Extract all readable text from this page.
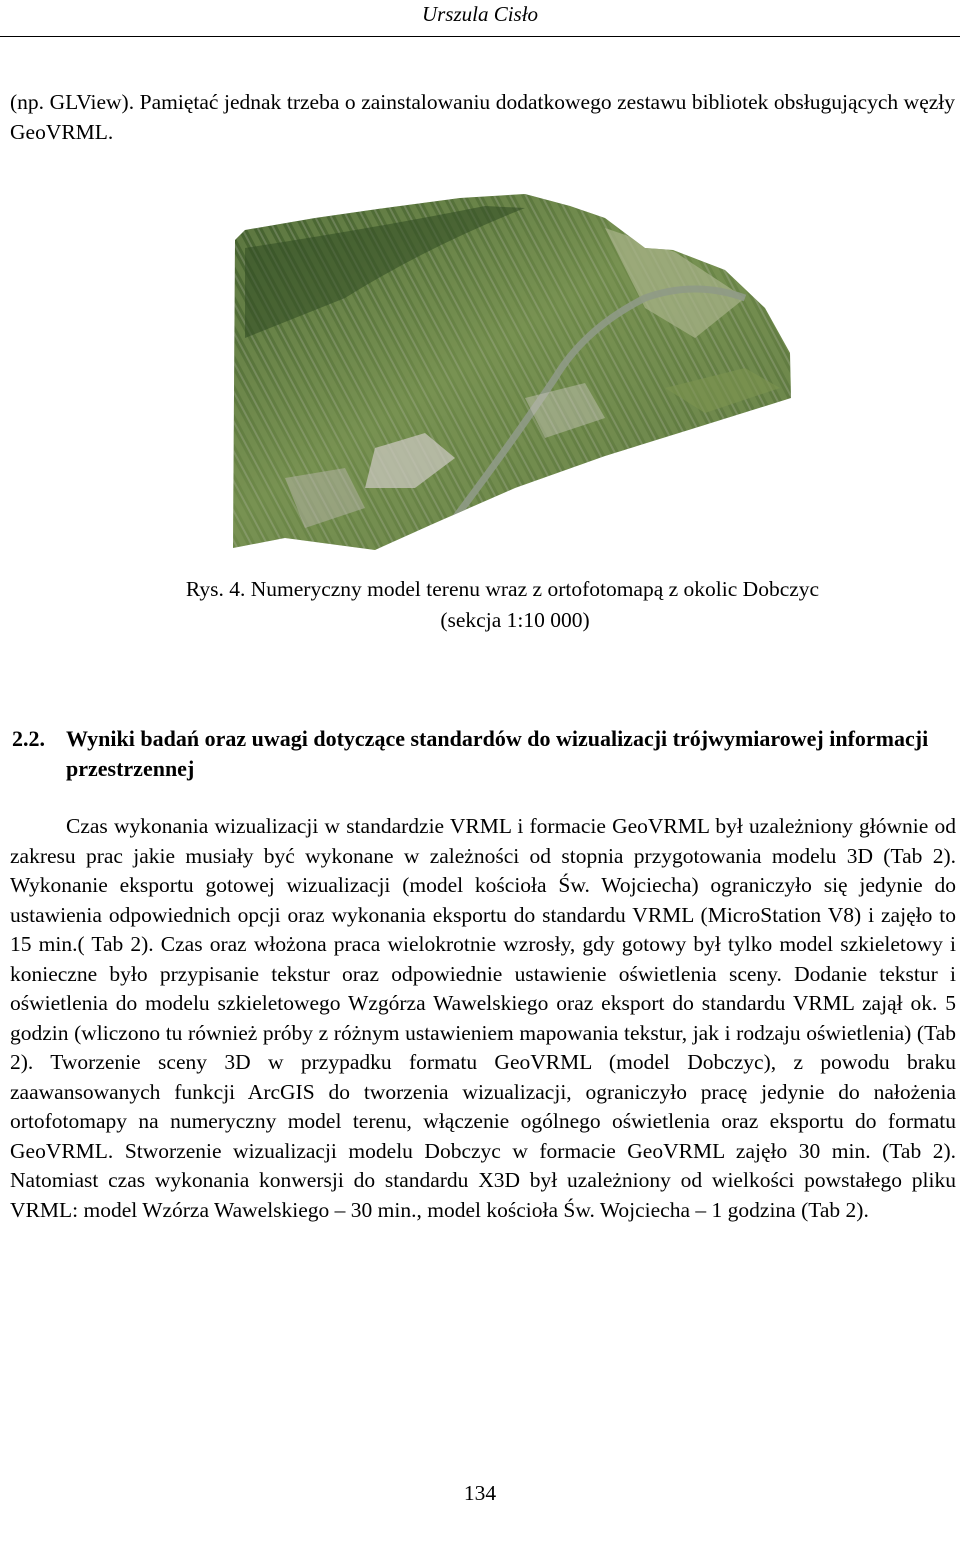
Urszula Cisło

(np. GLView). Pamiętać jednak trzeba o zainstalowaniu dodatkowego zestawu bibliotek obsługujących węzły GeoVRML.

Rys. 4. Numeryczny model terenu wraz z ortofotomapą z okolic Dobczyc
(sekcja 1:10 000)
2.2. Wyniki badań oraz uwagi dotyczące standardów do wizualizacji trójwymiarowej informacji przestrzennej

Czas wykonania wizualizacji w standardzie VRML i formacie GeoVRML był uzależniony głównie od zakresu prac jakie musiały być wykonane w zależności od stopnia przygotowania modelu 3D (Tab 2). Wykonanie eksportu gotowej wizualizacji (model kościoła Św. Wojciecha) ograniczyło się jedynie do ustawienia odpowiednich opcji oraz wykonania eksportu do standardu VRML (MicroStation V8) i zajęło to 15 min.( Tab 2). Czas oraz włożona praca wielokrotnie wzrosły, gdy gotowy był tylko model szkieletowy i konieczne było przypisanie tekstur oraz odpowiednie ustawienie oświetlenia sceny. Dodanie tekstur i oświetlenia do modelu szkieletowego Wzgórza Wawelskiego oraz eksport do standardu VRML zajął ok. 5 godzin (wliczono tu również próby z różnym ustawieniem mapowania tekstur, jak i rodzaju oświetlenia) (Tab 2). Tworzenie sceny 3D w przypadku formatu GeoVRML (model Dobczyc), z powodu braku zaawansowanych funkcji ArcGIS do tworzenia wizualizacji, ograniczyło pracę jedynie do nałożenia ortofotomapy na numeryczny model terenu, włączenie ogólnego oświetlenia oraz eksportu do formatu GeoVRML. Stworzenie wizualizacji modelu Dobczyc w formacie GeoVRML zajęło 30 min. (Tab 2). Natomiast czas wykonania konwersji do standardu X3D był uzależniony od wielkości powstałego pliku VRML: model Wzórza Wawelskiego – 30 min., model kościoła Św. Wojciecha – 1 godzina (Tab 2).

134
